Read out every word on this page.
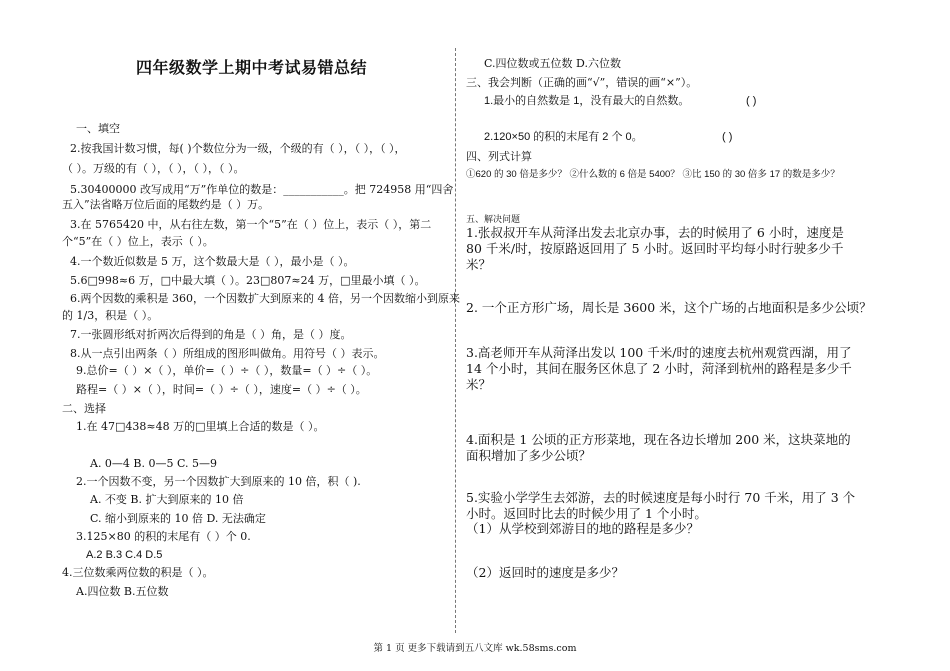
四年级数学上期中考试易错总结
一、填空
2.按我国计数习惯，每( )个数位分为一级，个级的有（ ），（ ），（ ），
（ ）。万级的有（ ），（ ），（ ），（ ）。
5.30400000 改写成用“万”作单位的数是：___________。把 724958 用“四舍
五入”法省略万位后面的尾数约是（ ）万。
3.在 5765420 中，从右往左数，第一个“5”在（ ）位上，表示（ ），第二
个“5”在（ ）位上，表示（ ）。
4.一个数近似数是 5 万，这个数最大是（ ），最小是（ ）。
5.6□998≈6 万，□中最大填（ ）。23□807≈24 万，□里最小填（ ）。
6.两个因数的乘积是 360，一个因数扩大到原来的 4 倍，另一个因数缩小到原来
的 1/3，积是（ ）。
7.一张圆形纸对折两次后得到的角是（ ）角，是（ ）度。
8.从一点引出两条（ ）所组成的图形叫做角。用符号（ ）表示。
9.总价=（ ）×（ ），单价=（ ）÷（ ），数量=（ ）÷（ ）。
路程=（ ）×（ ），时间=（ ）÷（ ），速度=（ ）÷（ ）。
二、选择
1.在 47□438≈48 万的□里填上合适的数是（ ）。
A. 0—4 B. 0—5 C. 5—9
2.一个因数不变，另一个因数扩大到原来的 10 倍，积（ ).
A. 不变 B. 扩大到原来的 10 倍
C. 缩小到原来的 10 倍 D. 无法确定
3.125×80 的积的末尾有（ ）个 0.
A.2 B.3 C.4 D.5
4.三位数乘两位数的积是（ ）。
A.四位数 B.五位数
C.四位数或五位数 D.六位数
三、我会判断（正确的画“√”，错误的画“×”）。
1.最小的自然数是 1，没有最大的自然数。	( )
2.120×50 的积的末尾有 2 个 0。	( )
四、列式计算
①620 的 30 倍是多少？ ②什么数的 6 倍是 5400？ ③比 150 的 30 倍多 17 的数是多少？
五、解决问题
1.张叔叔开车从菏泽出发去北京办事，去的时候用了 6 小时，速度是
80 千米/时，按原路返回用了 5 小时。返回时平均每小时行驶多少千
米？
2. 一个正方形广场，周长是 3600 米，这个广场的占地面积是多少公顷？
3.高老师开车从菏泽出发以 100 千米/时的速度去杭州观赏西湖，用了
14 个小时，其间在服务区休息了 2 小时，菏泽到杭州的路程是多少千
米？
4.面积是 1 公顷的正方形菜地，现在各边长增加 200 米，这块菜地的
面积增加了多少公顷？
5.实验小学学生去郊游，去的时候速度是每小时行 70 千米，用了 3 个
小时。返回时比去的时候少用了 1 个小时。
（1）从学校到郊游目的地的路程是多少？
（2）返回时的速度是多少？
第 1 页 更多下载请到五八文库 wk.58sms.com
